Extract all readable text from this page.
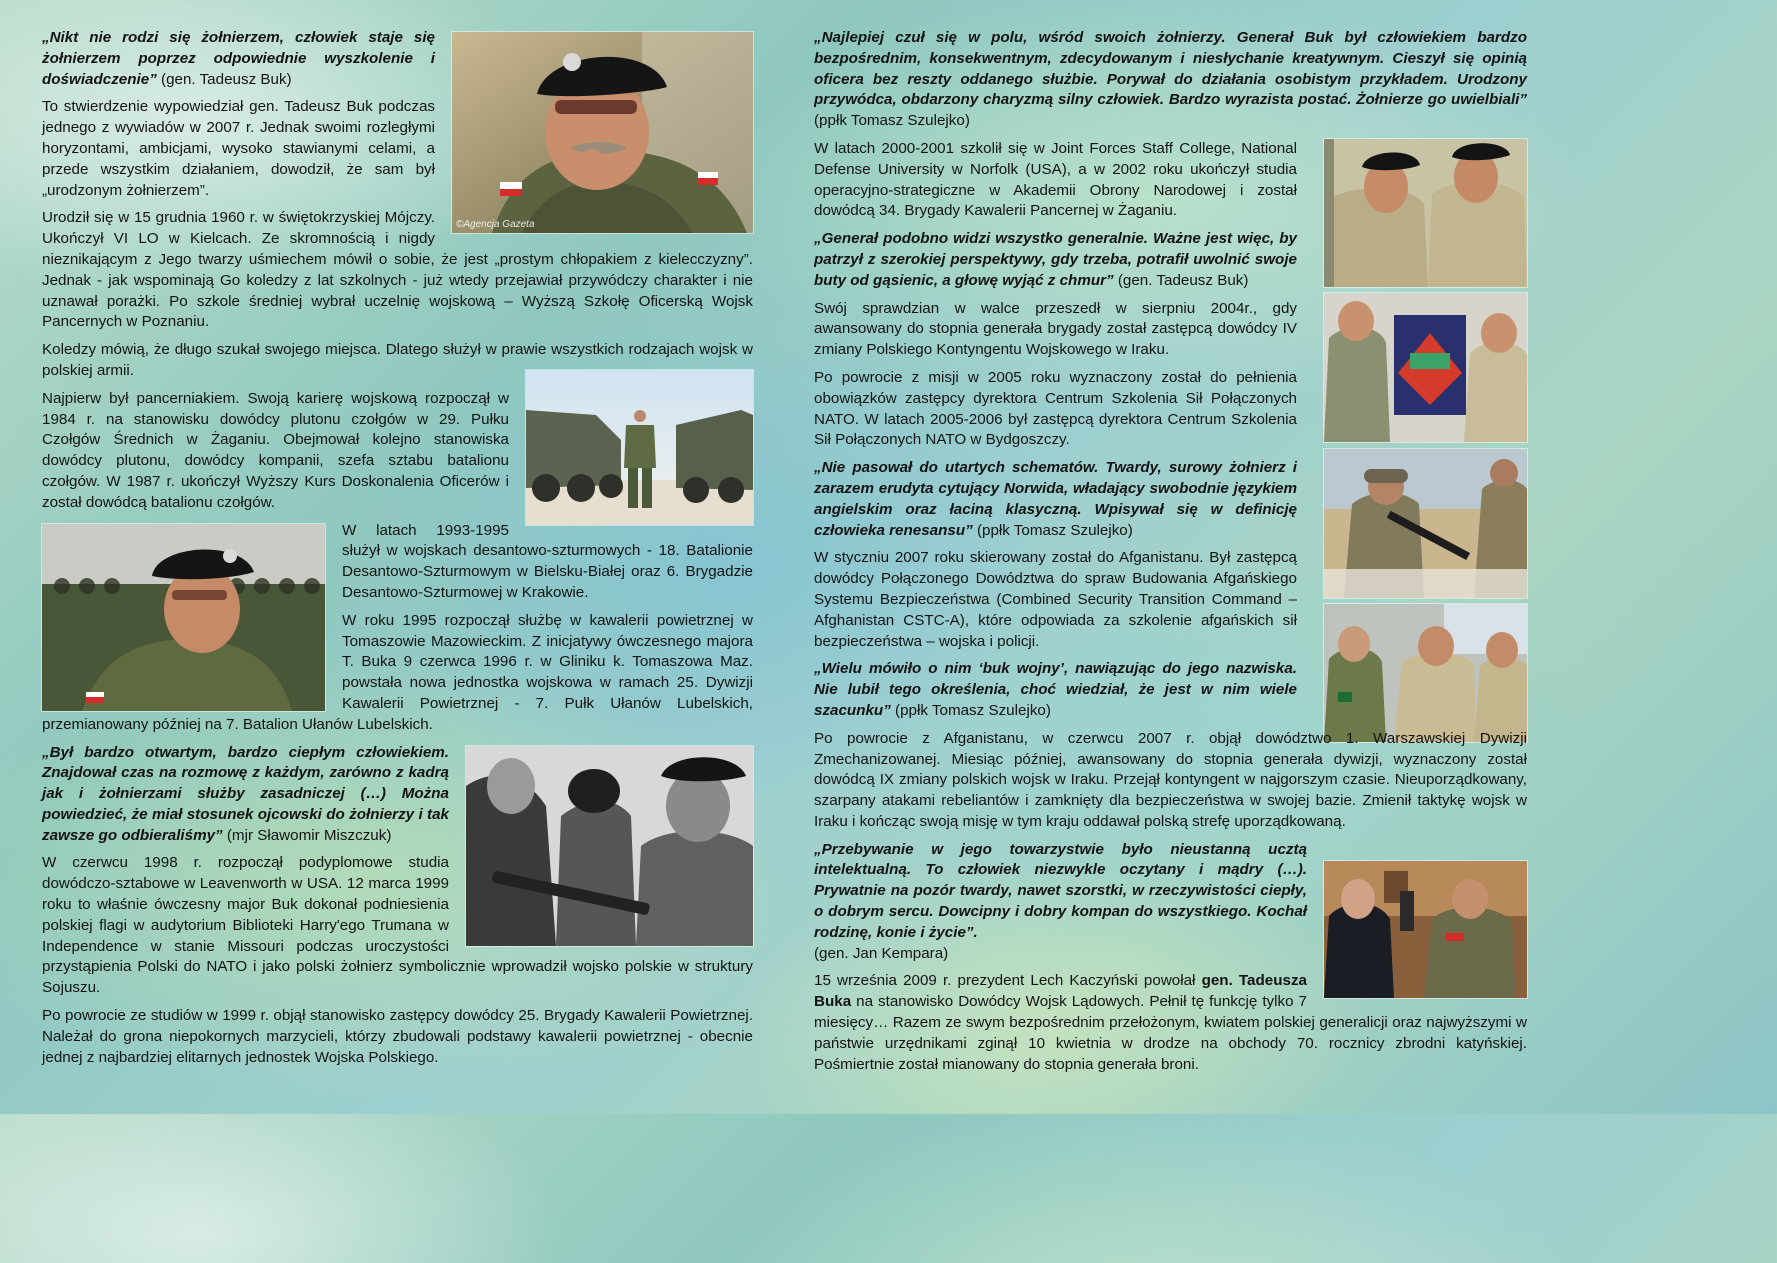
©Agencja Gazeta

„Nikt nie rodzi się żołnierzem, człowiek staje się żołnierzem poprzez odpowiednie wyszkolenie i doświadczenie” (gen. Tadeusz Buk)

To stwierdzenie wypowiedział gen. Tadeusz Buk podczas jednego z wywiadów w 2007 r. Jednak swoimi rozległymi horyzontami, ambicjami, wysoko stawianymi celami, a przede wszystkim działaniem, dowodził, że sam był „urodzonym żołnierzem”.

Urodził się w 15 grudnia 1960 r. w świętokrzyskiej Mójczy. Ukończył VI LO w Kielcach. Ze skromnością i nigdy nieznikającym z Jego twarzy uśmiechem mówił o sobie, że jest „prostym chłopakiem z kielecczyzny”. Jednak - jak wspominają Go koledzy z lat szkolnych - już wtedy przejawiał przywódczy charakter i nie uznawał porażki. Po szkole średniej wybrał uczelnię wojskową – Wyższą Szkołę Oficerską Wojsk Pancernych w Poznaniu.

Koledzy mówią, że długo szukał swojego miejsca. Dlatego służył w prawie wszystkich rodzajach wojsk w polskiej armii.

Najpierw był pancerniakiem. Swoją karierę wojskową rozpoczął w 1984 r. na stanowisku dowódcy plutonu czołgów w 29. Pułku Czołgów Średnich w Żaganiu. Obejmował kolejno stanowiska dowódcy plutonu, dowódcy kompanii, szefa sztabu batalionu czołgów. W 1987 r. ukończył Wyższy Kurs Doskonalenia Oficerów i został dowódcą batalionu czołgów.

W latach 1993-1995 służył w wojskach desantowo-szturmowych - 18. Batalionie Desantowo-Szturmowym w Bielsku-Białej oraz 6. Brygadzie Desantowo-Szturmowej w Krakowie.

W roku 1995 rozpoczął służbę w kawalerii powietrznej w Tomaszowie Mazowieckim. Z inicjatywy ówczesnego majora T. Buka 9 czerwca 1996 r. w Gliniku k. Tomaszowa Maz. powstała nowa jednostka wojskowa w ramach 25. Dywizji Kawalerii Powietrznej - 7. Pułk Ułanów Lubelskich, przemianowany później na 7. Batalion Ułanów Lubelskich.

„Był bardzo otwartym, bardzo ciepłym człowiekiem. Znajdował czas na rozmowę z każdym, zarówno z kadrą jak i żołnierzami służby zasadniczej (…) Można powiedzieć, że miał stosunek ojcowski do żołnierzy i tak zawsze go odbieraliśmy” (mjr Sławomir Miszczuk)

W czerwcu 1998 r. rozpoczął podyplomowe studia dowódczo-sztabowe w Leavenworth w USA. 12 marca 1999 roku to właśnie ówczesny major Buk dokonał podniesienia polskiej flagi w audytorium Biblioteki Harry'ego Trumana w Independence w stanie Missouri podczas uroczystości przystąpienia Polski do NATO i jako polski żołnierz symbolicznie wprowadził wojsko polskie w struktury Sojuszu.

Po powrocie ze studiów w 1999 r. objął stanowisko zastępcy dowódcy 25. Brygady Kawalerii Powietrznej. Należał do grona niepokornych marzycieli, którzy zbudowali podstawy kawalerii powietrznej - obecnie jednej z najbardziej elitarnych jednostek Wojska Polskiego.

„Najlepiej czuł się w polu, wśród swoich żołnierzy. Generał Buk był człowiekiem bardzo bezpośrednim, konsekwentnym, zdecydowanym i niesłychanie kreatywnym. Cieszył się opinią oficera bez reszty oddanego służbie. Porywał do działania osobistym przykładem. Urodzony przywódca, obdarzony charyzmą silny człowiek. Bardzo wyrazista postać. Żołnierze go uwielbiali” (ppłk Tomasz Szulejko)

W latach 2000-2001 szkolił się w Joint Forces Staff College, National Defense University w Norfolk (USA), a w 2002 roku ukończył studia operacyjno-strategiczne w Akademii Obrony Narodowej i został dowódcą 34. Brygady Kawalerii Pancernej w Żaganiu.

„Generał podobno widzi wszystko generalnie. Ważne jest więc, by patrzył z szerokiej perspektywy, gdy trzeba, potrafił uwolnić swoje buty od gąsienic, a głowę wyjąć z chmur” (gen. Tadeusz Buk)

Swój sprawdzian w walce przeszedł w sierpniu 2004r., gdy awansowany do stopnia generała brygady został zastępcą dowódcy IV zmiany Polskiego Kontyngentu Wojskowego w Iraku.

Po powrocie z misji w 2005 roku wyznaczony został do pełnienia obowiązków zastępcy dyrektora Centrum Szkolenia Sił Połączonych NATO. W latach 2005-2006 był zastępcą dyrektora Centrum Szkolenia Sił Połączonych NATO w Bydgoszczy.

„Nie pasował do utartych schematów. Twardy, surowy żołnierz i zarazem erudyta cytujący Norwida, władający swobodnie językiem angielskim oraz łaciną klasyczną. Wpisywał się w definicję człowieka renesansu” (ppłk Tomasz Szulejko)

W styczniu 2007 roku skierowany został do Afganistanu. Był zastępcą dowódcy Połączonego Dowództwa do spraw Budowania Afgańskiego Systemu Bezpieczeństwa (Combined Security Transition Command – Afghanistan CSTC-A), które odpowiada za szkolenie afgańskich sił bezpieczeństwa – wojska i policji.

„Wielu mówiło o nim ‘buk wojny’, nawiązując do jego nazwiska. Nie lubił tego określenia, choć wiedział, że jest w nim wiele szacunku” (ppłk Tomasz Szulejko)

Po powrocie z Afganistanu, w czerwcu 2007 r. objął dowództwo 1. Warszawskiej Dywizji Zmechanizowanej. Miesiąc później, awansowany do stopnia generała dywizji, wyznaczony został dowódcą IX zmiany polskich wojsk w Iraku. Przejął kontyngent w najgorszym czasie. Nieuporządkowany, szarpany atakami rebeliantów i zamknięty dla bezpieczeństwa w swojej bazie. Zmienił taktykę wojsk w Iraku i kończąc swoją misję w tym kraju oddawał polską strefę uporządkowaną.

„Przebywanie w jego towarzystwie było nieustanną ucztą intelektualną. To człowiek niezwykle oczytany i mądry (…). Prywatnie na pozór twardy, nawet szorstki, w rzeczywistości ciepły, o dobrym sercu. Dowcipny i dobry kompan do wszystkiego. Kochał rodzinę, konie i życie”.
(gen. Jan Kempara)

15 września 2009 r. prezydent Lech Kaczyński powołał gen. Tadeusza Buka na stanowisko Dowódcy Wojsk Lądowych. Pełnił tę funkcję tylko 7 miesięcy… Razem ze swym bezpośrednim przełożonym, kwiatem polskiej generalicji oraz najwyższymi w państwie urzędnikami zginął 10 kwietnia w drodze na obchody 70. rocznicy zbrodni katyńskiej. Pośmiertnie został mianowany do stopnia generała broni.
